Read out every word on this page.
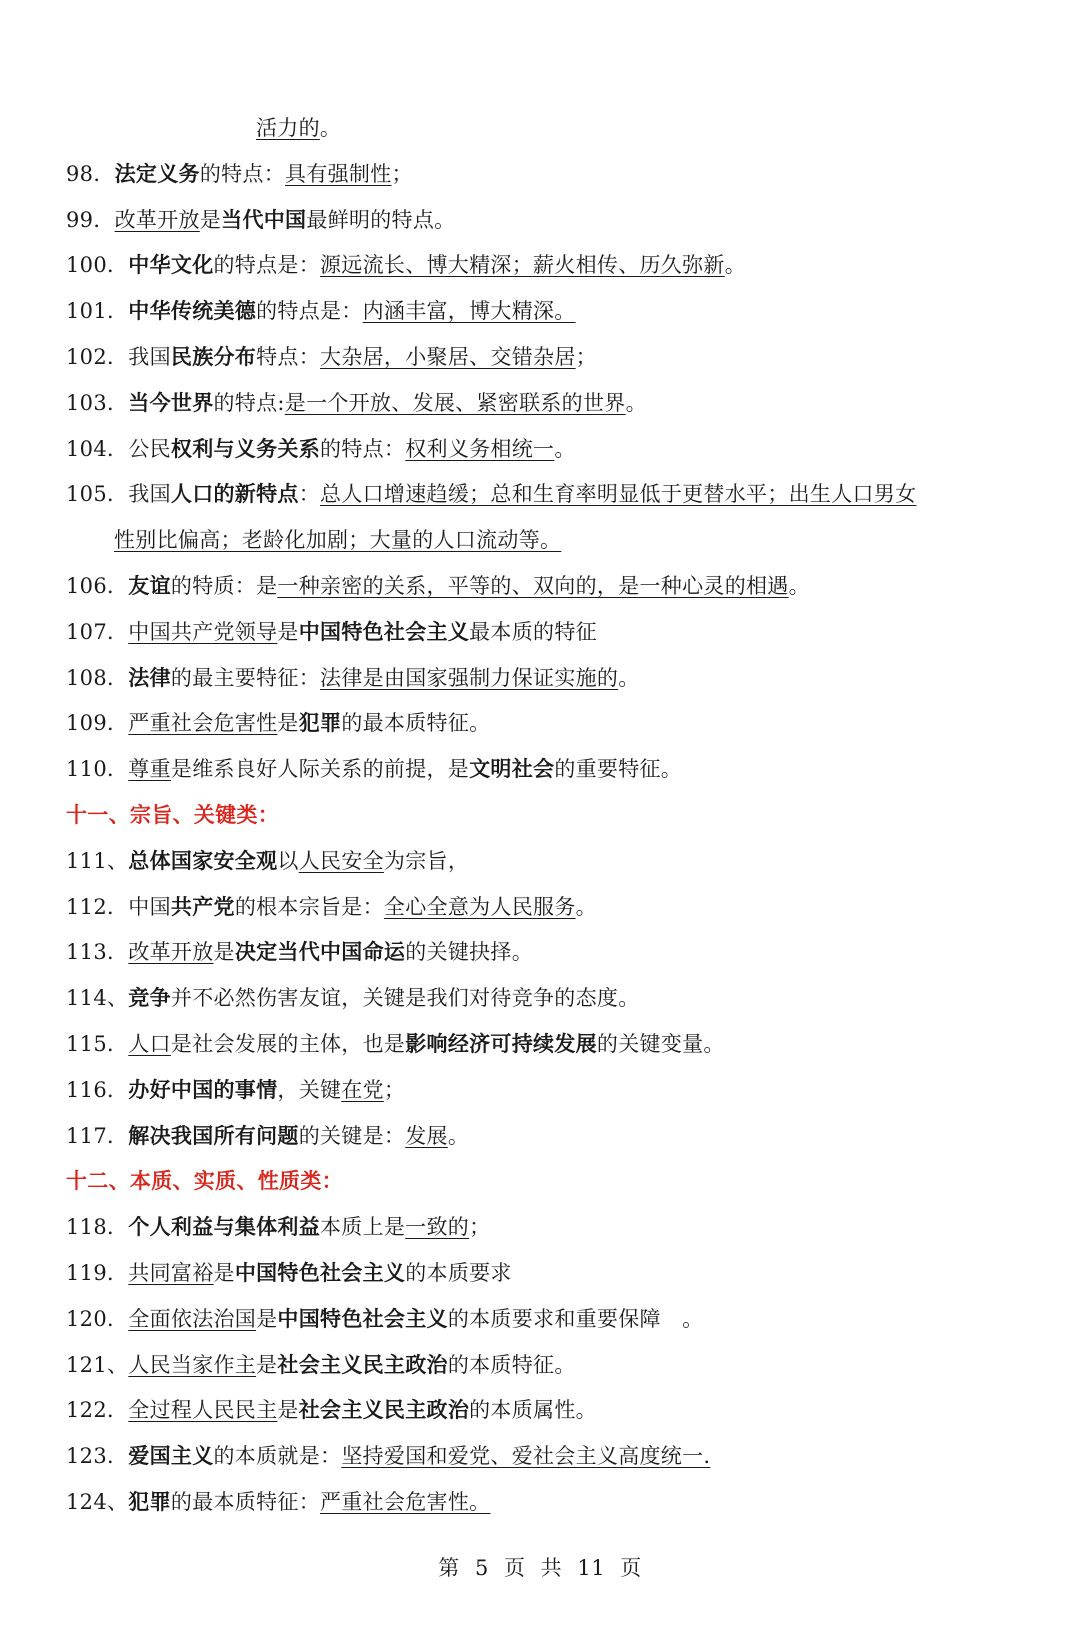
活力的。
98．法定义务的特点：具有强制性；
99．改革开放是当代中国最鲜明的特点。
100．中华文化的特点是：源远流长、博大精深；薪火相传、历久弥新。
101．中华传统美德的特点是：内涵丰富，博大精深。
102．我国民族分布特点：大杂居，小聚居、交错杂居；
103．当今世界的特点:是一个开放、发展、紧密联系的世界。
104．公民权利与义务关系的特点：权利义务相统一。
105．我国人口的新特点：总人口增速趋缓；总和生育率明显低于更替水平；出生人口男女
性别比偏高；老龄化加剧；大量的人口流动等。
106．友谊的特质：是一种亲密的关系，平等的、双向的，是一种心灵的相遇。
107．中国共产党领导是中国特色社会主义最本质的特征
108．法律的最主要特征：法律是由国家强制力保证实施的。
109．严重社会危害性是犯罪的最本质特征。
110．尊重是维系良好人际关系的前提，是文明社会的重要特征。
十一、宗旨、关键类：
111、总体国家安全观以人民安全为宗旨，
112．中国共产党的根本宗旨是：全心全意为人民服务。
113．改革开放是决定当代中国命运的关键抉择。
114、竞争并不必然伤害友谊，关键是我们对待竞争的态度。
115．人口是社会发展的主体，也是影响经济可持续发展的关键变量。
116．办好中国的事情，关键在党；
117．解决我国所有问题的关键是：发展。
十二、本质、实质、性质类：
118．个人利益与集体利益本质上是一致的；
119．共同富裕是中国特色社会主义的本质要求
120．全面依法治国是中国特色社会主义的本质要求和重要保障　。
121、人民当家作主是社会主义民主政治的本质特征。
122．全过程人民民主是社会主义民主政治的本质属性。
123．爱国主义的本质就是：坚持爱国和爱党、爱社会主义高度统一.
124、犯罪的最本质特征：严重社会危害性。
第 5 页 共 11 页
